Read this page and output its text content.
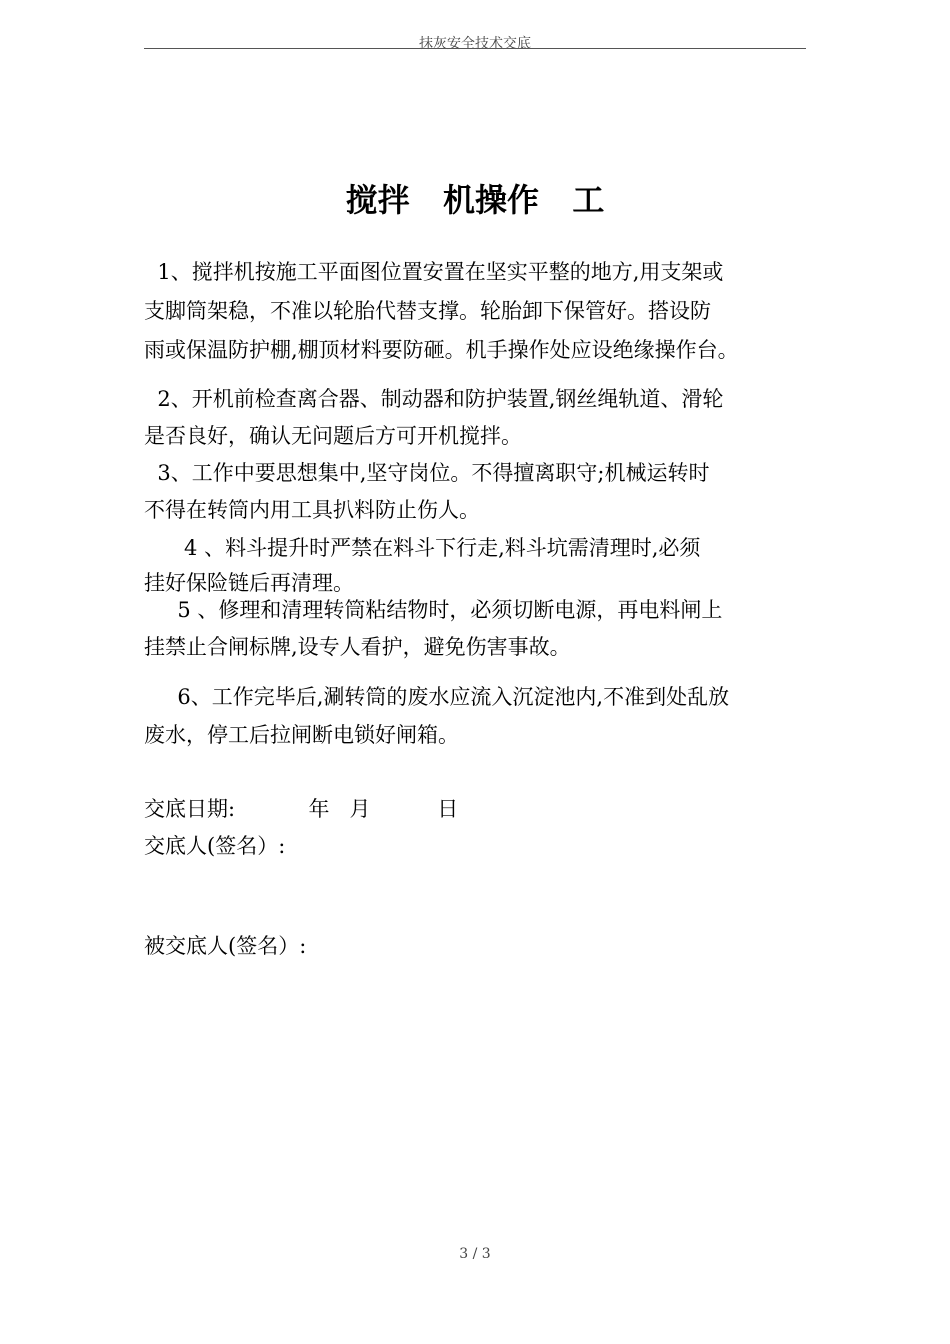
抹灰安全技术交底
搅拌   机操作   工
1、搅拌机按施工平面图位置安置在坚实平整的地方,用支架或
支脚筒架稳，不准以轮胎代替支撑。轮胎卸下保管好。搭设防
雨或保温防护棚,棚顶材料要防砸。机手操作处应设绝缘操作台。
2、开机前检查离合器、制动器和防护装置,钢丝绳轨道、滑轮
是否良好，确认无问题后方可开机搅拌。
3、工作中要思想集中,坚守岗位。不得擅离职守;机械运转时
不得在转筒内用工具扒料防止伤人。
4 、料斗提升时严禁在料斗下行走,料斗坑需清理时,必须
挂好保险链后再清理。
5 、修理和清理转筒粘结物时，必须切断电源，再电料闸上
挂禁止合闸标牌,设专人看护，避免伤害事故。
6、工作完毕后,涮转筒的废水应流入沉淀池内,不准到处乱放
废水，停工后拉闸断电锁好闸箱。
交底日期:           年   月          日
交底人(签名）:
被交底人(签名）:
3 / 3
